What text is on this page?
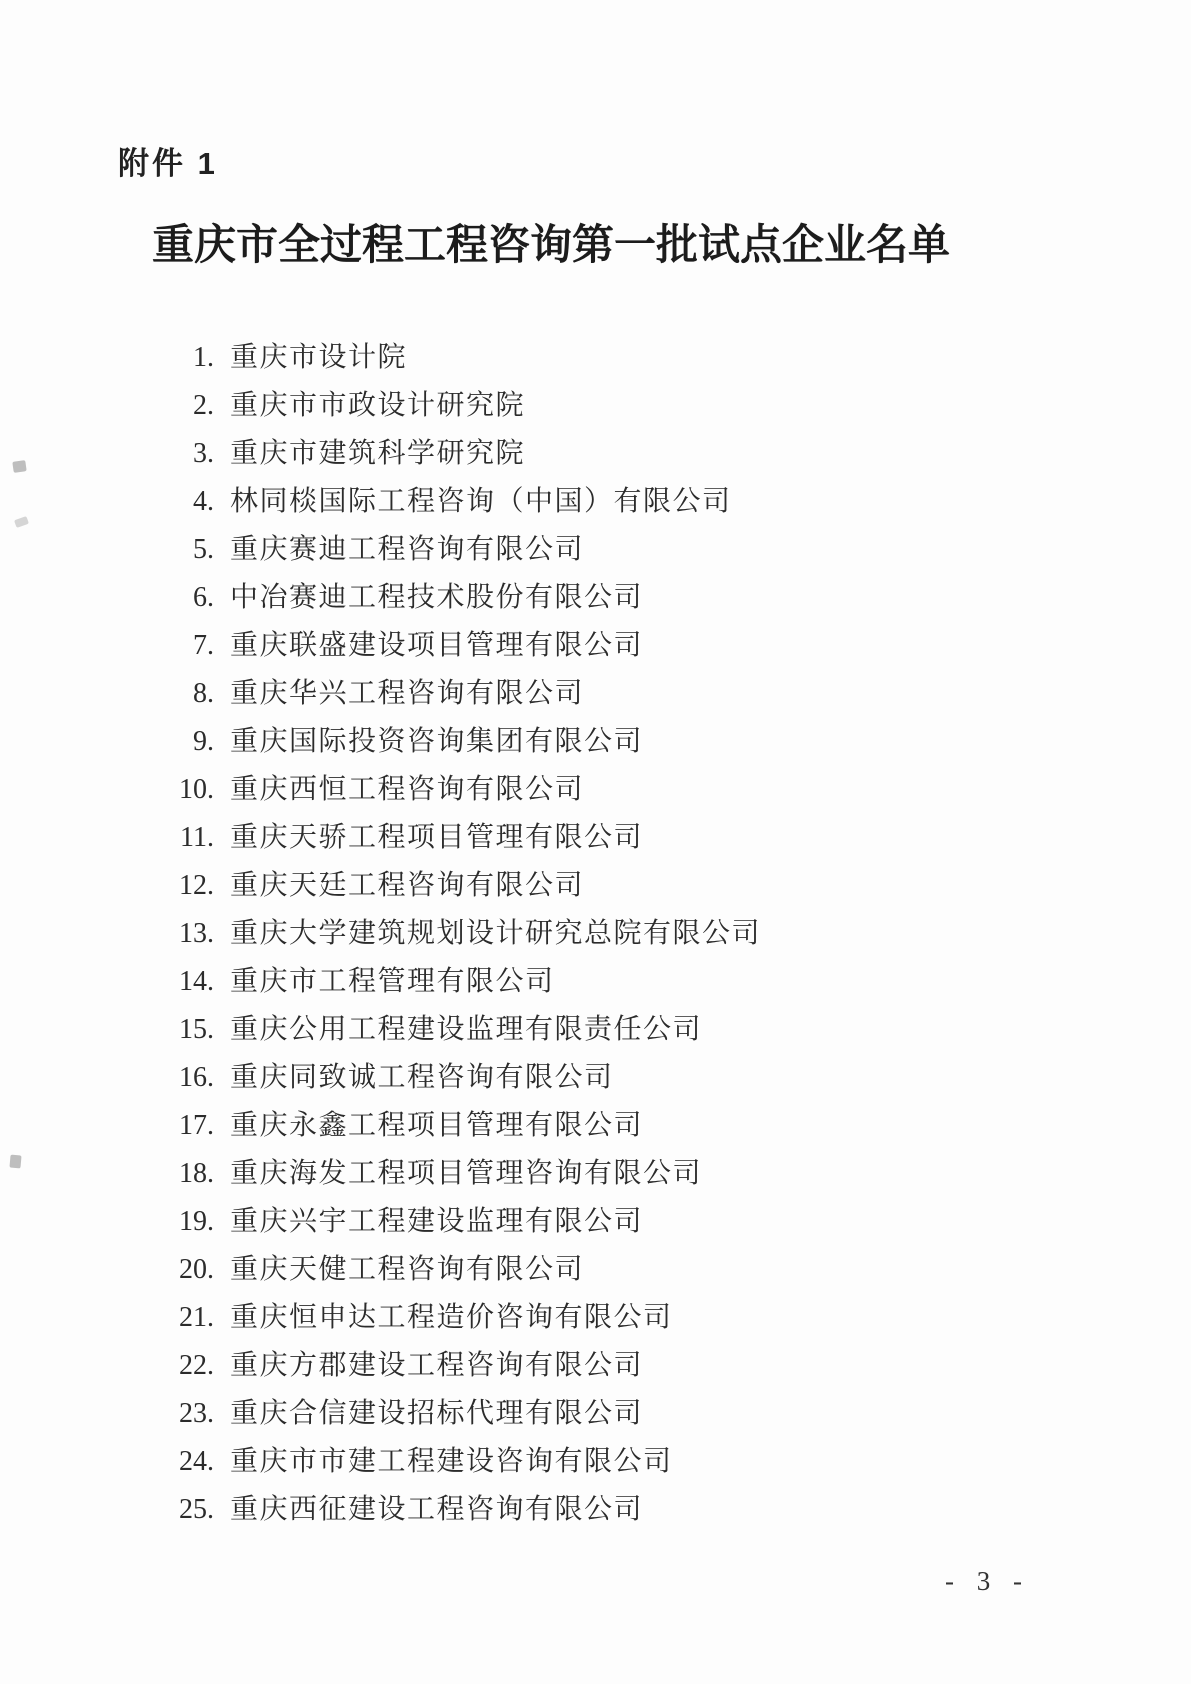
附件 1
重庆市全过程工程咨询第一批试点企业名单
1. 重庆市设计院
2. 重庆市市政设计研究院
3. 重庆市建筑科学研究院
4. 林同棪国际工程咨询（中国）有限公司
5. 重庆赛迪工程咨询有限公司
6. 中冶赛迪工程技术股份有限公司
7. 重庆联盛建设项目管理有限公司
8. 重庆华兴工程咨询有限公司
9. 重庆国际投资咨询集团有限公司
10. 重庆西恒工程咨询有限公司
11. 重庆天骄工程项目管理有限公司
12. 重庆天廷工程咨询有限公司
13. 重庆大学建筑规划设计研究总院有限公司
14. 重庆市工程管理有限公司
15. 重庆公用工程建设监理有限责任公司
16. 重庆同致诚工程咨询有限公司
17. 重庆永鑫工程项目管理有限公司
18. 重庆海发工程项目管理咨询有限公司
19. 重庆兴宇工程建设监理有限公司
20. 重庆天健工程咨询有限公司
21. 重庆恒申达工程造价咨询有限公司
22. 重庆方郡建设工程咨询有限公司
23. 重庆合信建设招标代理有限公司
24. 重庆市市建工程建设咨询有限公司
25. 重庆西征建设工程咨询有限公司
- 3 -
